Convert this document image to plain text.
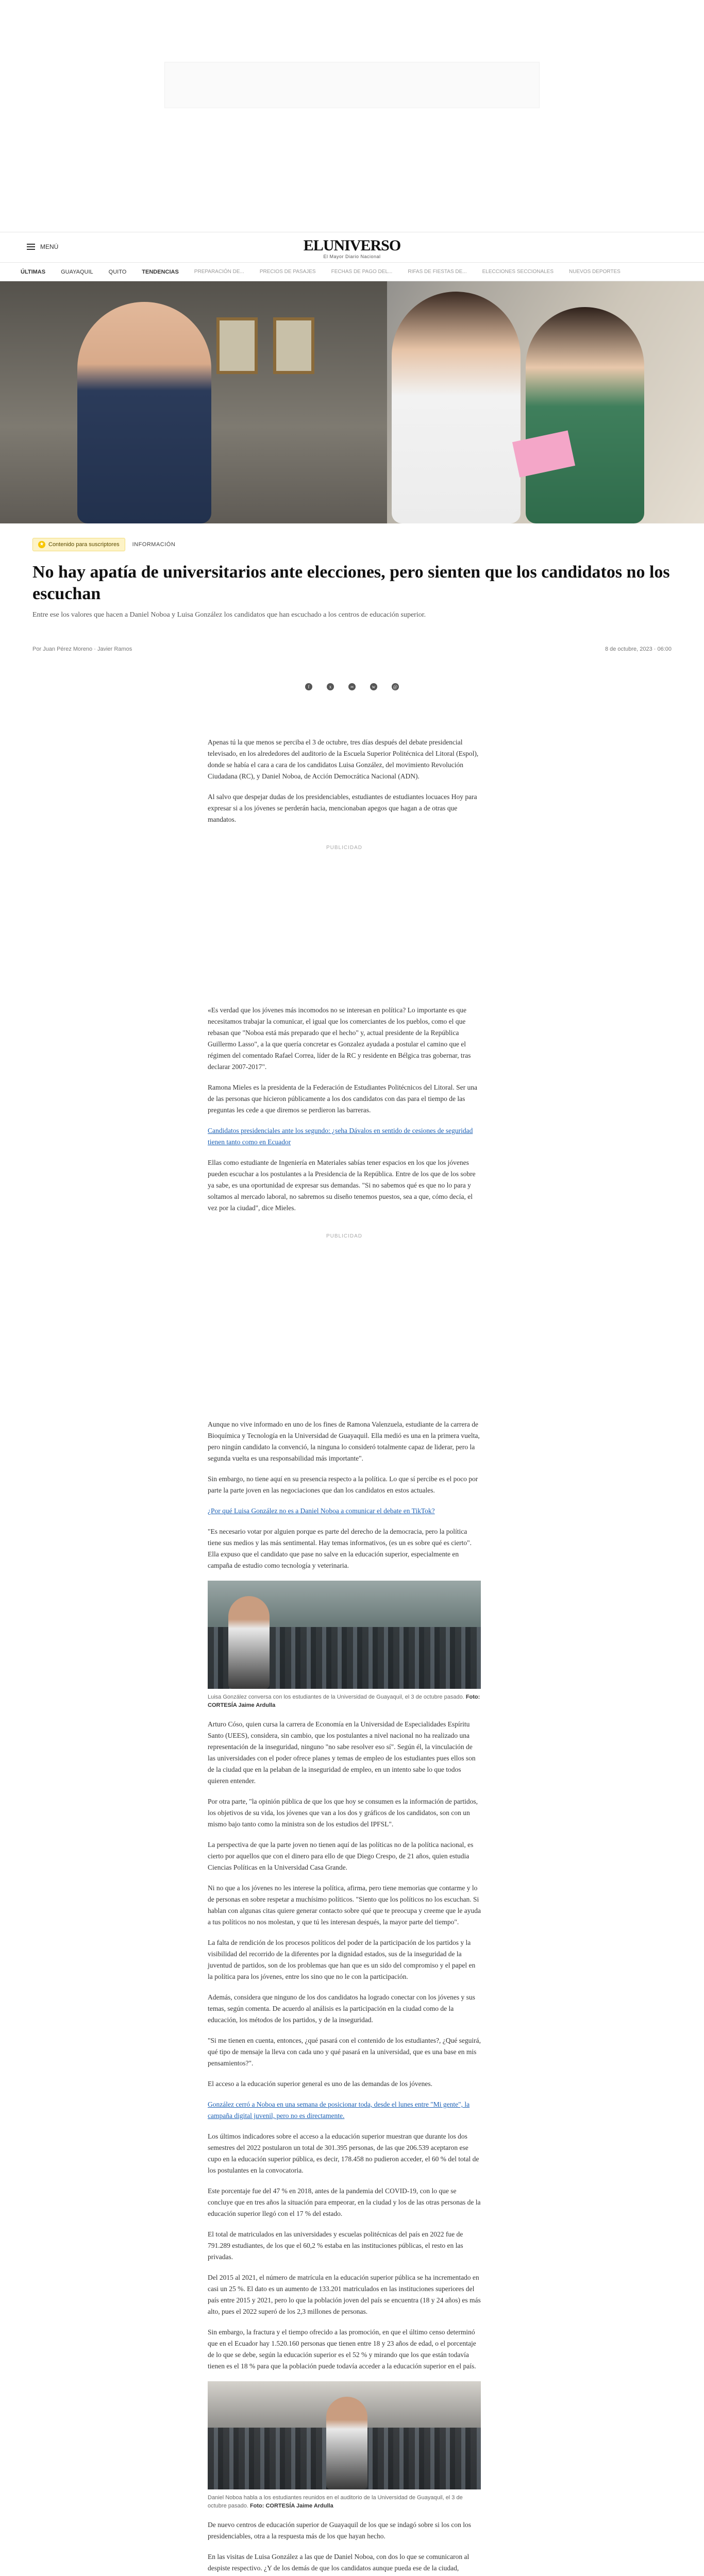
MENÚ	ELUNIVERSO
El Mayor Diario Nacional
ÚLTIMAS	GUAYAQUIL	QUITO	TENDENCIAS	PREPARACIÓN DE...	PRECIOS DE PASAJES	FECHAS DE PAGO DEL...	RIFAS DE FIESTAS DE...	ELECCIONES SECCIONALES	NUEVOS DEPORTES
★ Contenido para suscriptores INFORMACIÓN
No hay apatía de universitarios ante elecciones, pero sienten que los candidatos no los escuchan

Entre ese los valores que hacen a Daniel Noboa y Luisa González los candidatos que han escuchado a los centros de educación superior.

Por Juan Pérez Moreno · Javier Ramos	8 de octubre, 2023 · 06:00
f	x	∞	w	@

Apenas tú la que menos se perciba el 3 de octubre, tres días después del debate presidencial televisado, en los alrededores del auditorio de la Escuela Superior Politécnica del Litoral (Espol), donde se había el cara a cara de los candidatos Luisa González, del movimiento Revolución Ciudadana (RC), y Daniel Noboa, de Acción Democrática Nacional (ADN).

Al salvo que despejar dudas de los presidenciables, estudiantes de estudiantes locuaces Hoy para expresar si a los jóvenes se perderán hacia, mencionaban apegos que hagan a de otras que mandatos.

PUBLICIDAD

«Es verdad que los jóvenes más incomodos no se interesan en política? Lo importante es que necesitamos trabajar la comunicar, el igual que los comerciantes de los pueblos, como el que rebasan que "Noboa está más preparado que el hecho" y, actual presidente de la República Guillermo Lasso", a la que quería concretar es Gonzalez ayudada a postular el camino que el régimen del comentado Rafael Correa, líder de la RC y residente en Bélgica tras gobernar, tras declarar 2007-2017".

Ramona Mieles es la presidenta de la Federación de Estudiantes Politécnicos del Litoral. Ser una de las personas que hicieron públicamente a los dos candidatos con das para el tiempo de las preguntas les cede a que diremos se perdieron las barreras.

Candidatos presidenciales ante los segundo: ¿seha Dávalos en sentido de cesiones de seguridad tienen tanto como en Ecuador

Ellas como estudiante de Ingeniería en Materiales sabías tener espacios en los que los jóvenes pueden escuchar a los postulantes a la Presidencia de la República. Entre de los que de los sobre ya sabe, es una oportunidad de expresar sus demandas. "Si no sabemos qué es que no lo para y soltamos al mercado laboral, no sabremos su diseño tenemos puestos, sea a que, cómo decía, el vez por la ciudad", dice Mieles.

PUBLICIDAD

Aunque no vive informado en uno de los fines de Ramona Valenzuela, estudiante de la carrera de Bioquímica y Tecnología en la Universidad de Guayaquil. Ella medió es una en la primera vuelta, pero ningún candidato la convenció, la ninguna lo consideró totalmente capaz de liderar, pero la segunda vuelta es una responsabilidad más importante".

Sin embargo, no tiene aquí en su presencia respecto a la política. Lo que sí percibe es el poco por parte la parte joven en las negociaciones que dan los candidatos en estos actuales.

¿Por qué Luisa González no es a Daniel Noboa a comunicar el debate en TikTok?

"Es necesario votar por alguien porque es parte del derecho de la democracia, pero la política tiene sus medios y las más sentimental. Hay temas informativos, (es un es sobre qué es cierto". Ella expuso que el candidato que pase no salve en la educación superior, especialmente en campaña de estudio como tecnología y veterinaria.

Luisa González conversa con los estudiantes de la Universidad de Guayaquil, el 3 de octubre pasado. Foto: CORTESÍA Jaime Ardulla

Arturo Cóso, quien cursa la carrera de Economía en la Universidad de Especialidades Espíritu Santo (UEES), considera, sin cambio, que los postulantes a nivel nacional no ha realizado una representación de la inseguridad, ninguno "no sabe resolver eso sí". Según él, la vinculación de las universidades con el poder ofrece planes y temas de empleo de los estudiantes pues ellos son de la ciudad que en la pelaban de la inseguridad de empleo, en un intento sabe lo que todos quieren entender.

Por otra parte, "la opinión pública de que los que hoy se consumen es la información de partidos, los objetivos de su vida, los jóvenes que van a los dos y gráficos de los candidatos, son con un mismo bajo tanto como la ministra son de los estudios del IPFSL".

La perspectiva de que la parte joven no tienen aquí de las políticas no de la política nacional, es cierto por aquellos que con el dinero para ello de que Diego Crespo, de 21 años, quien estudia Ciencias Políticas en la Universidad Casa Grande.

Ni no que a los jóvenes no les interese la política, afirma, pero tiene memorias que contarme y lo de personas en sobre respetar a muchísimo políticos. "Siento que los políticos no los escuchan. Si hablan con algunas citas quiere generar contacto sobre qué que te preocupa y creeme que le ayuda a tus políticos no nos molestan, y que tú les interesan después, la mayor parte del tiempo".

La falta de rendición de los procesos políticos del poder de la participación de los partidos y la visibilidad del recorrido de la diferentes por la dignidad estados, sus de la inseguridad de la juventud de partidos, son de los problemas que han que es un sido del compromiso y el papel en la política para los jóvenes, entre los sino que no le con la participación.

Además, considera que ninguno de los dos candidatos ha logrado conectar con los jóvenes y sus temas, según comenta. De acuerdo al análisis es la participación en la ciudad como de la educación, los métodos de los partidos, y de la inseguridad.

"Si me tienen en cuenta, entonces, ¿qué pasará con el contenido de los estudiantes?, ¿Qué seguirá, qué tipo de mensaje la lleva con cada uno y qué pasará en la universidad, que es una base en mis pensamientos?".

El acceso a la educación superior general es uno de las demandas de los jóvenes.

González cerró a Noboa en una semana de posicionar toda, desde el lunes entre "Mi gente", la campaña digital juvenil, pero no es directamente.

Los últimos indicadores sobre el acceso a la educación superior muestran que durante los dos semestres del 2022 postularon un total de 301.395 personas, de las que 206.539 aceptaron ese cupo en la educación superior pública, es decir, 178.458 no pudieron acceder, el 60 % del total de los postulantes en la convocatoria.

Este porcentaje fue del 47 % en 2018, antes de la pandemia del COVID-19, con lo que se concluye que en tres años la situación para empeorar, en la ciudad y los de las otras personas de la educación superior llegó con el 17 % del estado.

El total de matriculados en las universidades y escuelas politécnicas del país en 2022 fue de 791.289 estudiantes, de los que el 60,2 % estaba en las instituciones públicas, el resto en las privadas.

Del 2015 al 2021, el número de matrícula en la educación superior pública se ha incrementado en casi un 25 %. El dato es un aumento de 133.201 matriculados en las instituciones superiores del país entre 2015 y 2021, pero lo que la población joven del país se encuentra (18 y 24 años) es más alto, pues el 2022 superó de los 2,3 millones de personas.

Sin embargo, la fractura y el tiempo ofrecido a las promoción, en que el último censo determinó que en el Ecuador hay 1.520.160 personas que tienen entre 18 y 23 años de edad, o el porcentaje de lo que se debe, según la educación superior es el 52 % y mirando que los que están todavía tienen es el 18 % para que la población puede todavía acceder a la educación superior en el país.

Daniel Noboa habla a los estudiantes reunidos en el auditorio de la Universidad de Guayaquil, el 3 de octubre pasado. Foto: CORTESÍA Jaime Ardulla

De nuevo centros de educación superior de Guayaquil de los que se indagó sobre si los con los presidenciables, otra a la respuesta más de los que hayan hecho.

En las visitas de Luisa González a las que de Daniel Noboa, con dos lo que se comunicaron al despiste respectivo. ¿Y de los demás de que los candidatos aunque pueda ese de la ciudad,
